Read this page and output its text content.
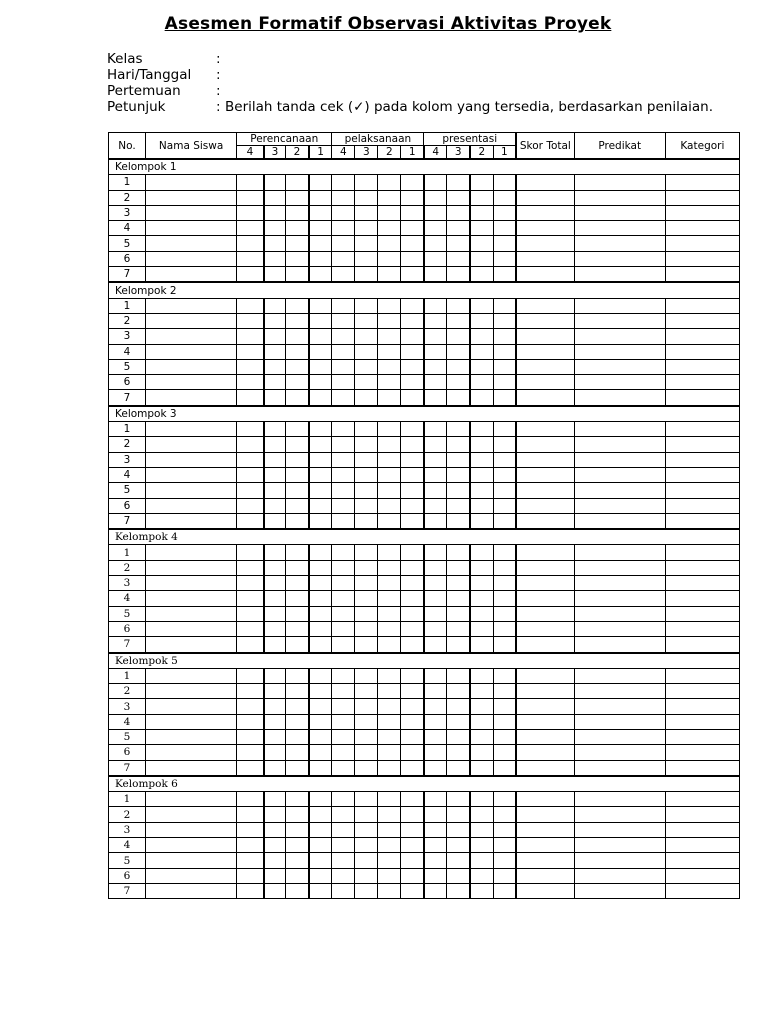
Asesmen Formatif Observasi Aktivitas Proyek
Kelas	:
Hari/Tanggal :
Pertemuan	:
Petunjuk	: Berilah tanda cek (✓) pada kolom yang tersedia, berdasarkan penilaian.
No.	Nama Siswa	Perencanaan				pelaksanaan				presentasi				Skor Total	Predikat	Kategori
		4	3	2	1	4	3	2	1	4	3	2	1			
Kelompok 1																
1																
2																
3																
4																
5																
6																
7																
Kelompok 2																
1																
2																
3																
4																
5																
6																
7																
Kelompok 3																
1																
2																
3																
4																
5																
6																
7																
Kelompok 4																
1																
2																
3																
4																
5																
6																
7																
Kelompok 5																
1																
2																
3																
4																
5																
6																
7																
Kelompok 6																
1																
2																
3																
4																
5																
6																
7																
